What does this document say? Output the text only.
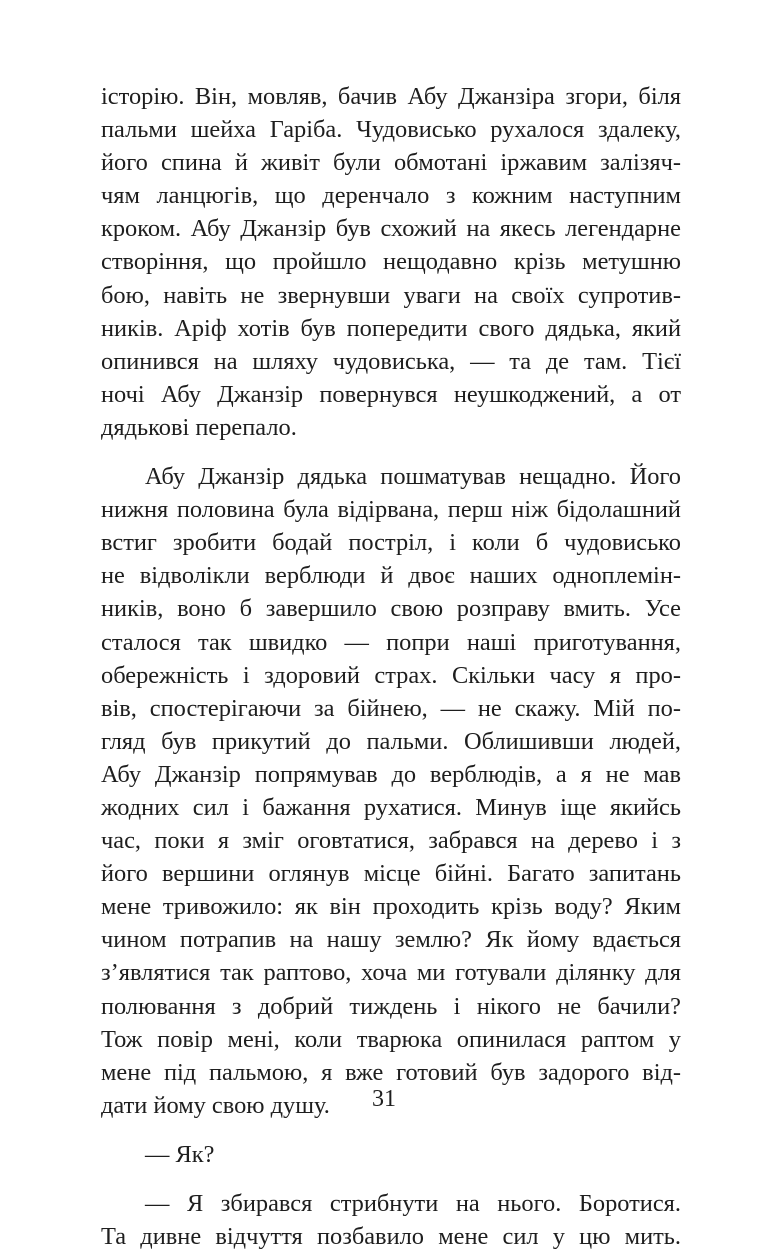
історію. Він, мовляв, бачив Абу Джанзіра згори, біля
пальми шейха Гаріба. Чудовисько рухалося здалеку,
його спина й живіт були обмотані іржавим залізяч-
чям ланцюгів, що деренчало з кожним наступним
кроком. Абу Джанзір був схожий на якесь легендарне
створіння, що пройшло нещодавно крізь метушню
бою, навіть не звернувши уваги на своїх супротив-
ників. Аріф хотів був попередити свого дядька, який
опинився на шляху чудовиська, — та де там. Тієї
ночі Абу Джанзір повернувся неушкоджений, а от
дядькові перепало.
Абу Джанзір дядька пошматував нещадно. Його
нижня половина була відірвана, перш ніж бідолашний
встиг зробити бодай постріл, і коли б чудовисько
не відволікли верблюди й двоє наших одноплемін-
ників, воно б завершило свою розправу вмить. Усе
сталося так швидко — попри наші приготування,
обережність і здоровий страх. Скільки часу я про-
вів, спостерігаючи за бійнею, — не скажу. Мій по-
гляд був прикутий до пальми. Облишивши людей,
Абу Джанзір попрямував до верблюдів, а я не мав
жодних сил і бажання рухатися. Минув іще якийсь
час, поки я зміг оговтатися, забрався на дерево і з
його вершини оглянув місце бійні. Багато запитань
мене тривожило: як він проходить крізь воду? Яким
чином потрапив на нашу землю? Як йому вдається
з’являтися так раптово, хоча ми готували ділянку для
полювання з добрий тиждень і нікого не бачили?
Тож повір мені, коли тварюка опинилася раптом у
мене під пальмою, я вже готовий був задорого від-
дати йому свою душу.
— Як?
— Я збирався стрибнути на нього. Боротися.
Та дивне відчуття позбавило мене сил у цю мить.
31
